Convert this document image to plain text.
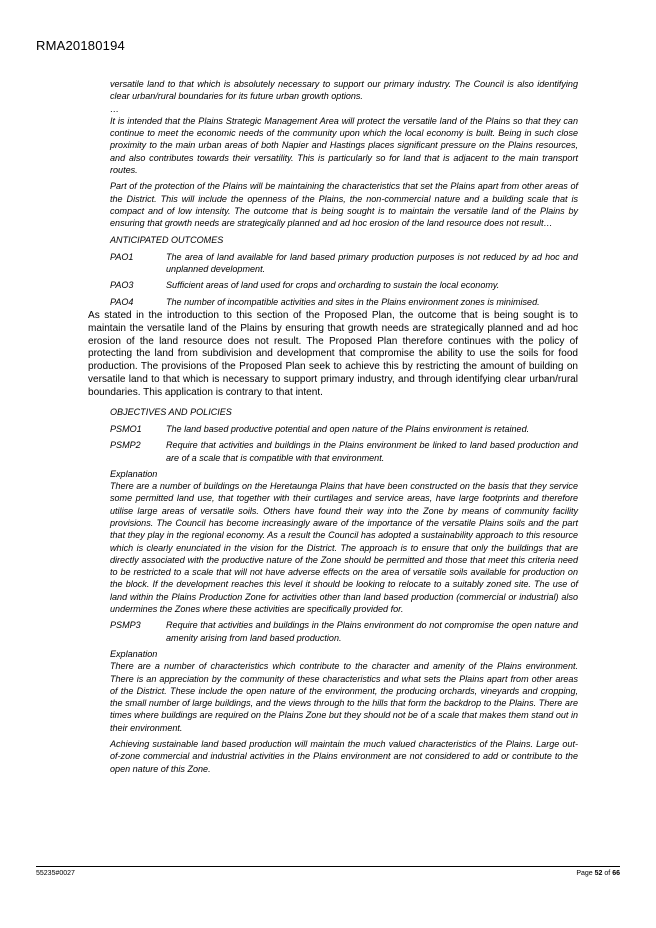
RMA20180194

versatile land to that which is absolutely necessary to support our primary industry. The Council is also identifying clear urban/rural boundaries for its future urban growth options.

…

It is intended that the Plains Strategic Management Area will protect the versatile land of the Plains so that they can continue to meet the economic needs of the community upon which the local economy is built. Being in such close proximity to the main urban areas of both Napier and Hastings places significant pressure on the Plains resources, and also contributes towards their versatility. This is particularly so for land that is adjacent to the main transport routes.

Part of the protection of the Plains will be maintaining the characteristics that set the Plains apart from other areas of the District. This will include the openness of the Plains, the non-commercial nature and a building scale that is compact and of low intensity. The outcome that is being sought is to maintain the versatile land of the Plains by ensuring that growth needs are strategically planned and ad hoc erosion of the land resource does not result…

ANTICIPATED OUTCOMES

PAO1	The area of land available for land based primary production purposes is not reduced by ad hoc and unplanned development.
PAO3	Sufficient areas of land used for crops and orcharding to sustain the local economy.
PAO4	The number of incompatible activities and sites in the Plains environment zones is minimised.

As stated in the introduction to this section of the Proposed Plan, the outcome that is being sought is to maintain the versatile land of the Plains by ensuring that growth needs are strategically planned and ad hoc erosion of the land resource does not result. The Proposed Plan therefore continues with the policy of protecting the land from subdivision and development that compromise the ability to use the soils for food production. The provisions of the Proposed Plan seek to achieve this by restricting the amount of building on versatile land to that which is necessary to support primary industry, and through identifying clear urban/rural boundaries. This application is contrary to that intent.

OBJECTIVES AND POLICIES

PSMO1	The land based productive potential and open nature of the Plains environment is retained.
PSMP2	Require that activities and buildings in the Plains environment be linked to land based production and are of a scale that is compatible with that environment.

Explanation

There are a number of buildings on the Heretaunga Plains that have been constructed on the basis that they service some permitted land use, that together with their curtilages and service areas, have large footprints and therefore utilise large areas of versatile soils. Others have found their way into the Zone by means of community facility provisions. The Council has become increasingly aware of the importance of the versatile Plains soils and the part that they play in the regional economy. As a result the Council has adopted a sustainability approach to this resource which is clearly enunciated in the vision for the District. The approach is to ensure that only the buildings that are directly associated with the productive nature of the Zone should be permitted and those that meet this criteria need to be restricted to a scale that will not have adverse effects on the area of versatile soils available for production on the block. If the development reaches this level it should be looking to relocate to a suitably zoned site. The use of land within the Plains Production Zone for activities other than land based production (commercial or industrial) also undermines the Zones where these activities are specifically provided for.

PSMP3	Require that activities and buildings in the Plains environment do not compromise the open nature and amenity arising from land based production.

Explanation

There are a number of characteristics which contribute to the character and amenity of the Plains environment. There is an appreciation by the community of these characteristics and what sets the Plains apart from other areas of the District. These include the open nature of the environment, the producing orchards, vineyards and cropping, the small number of large buildings, and the views through to the hills that form the backdrop to the Plains. There are times where buildings are required on the Plains Zone but they should not be of a scale that makes them stand out in their environment.

Achieving sustainable land based production will maintain the much valued characteristics of the Plains. Large out-of-zone commercial and industrial activities in the Plains environment are not considered to add or contribute to the open nature of this Zone.

55235#0027	Page 52 of 66
